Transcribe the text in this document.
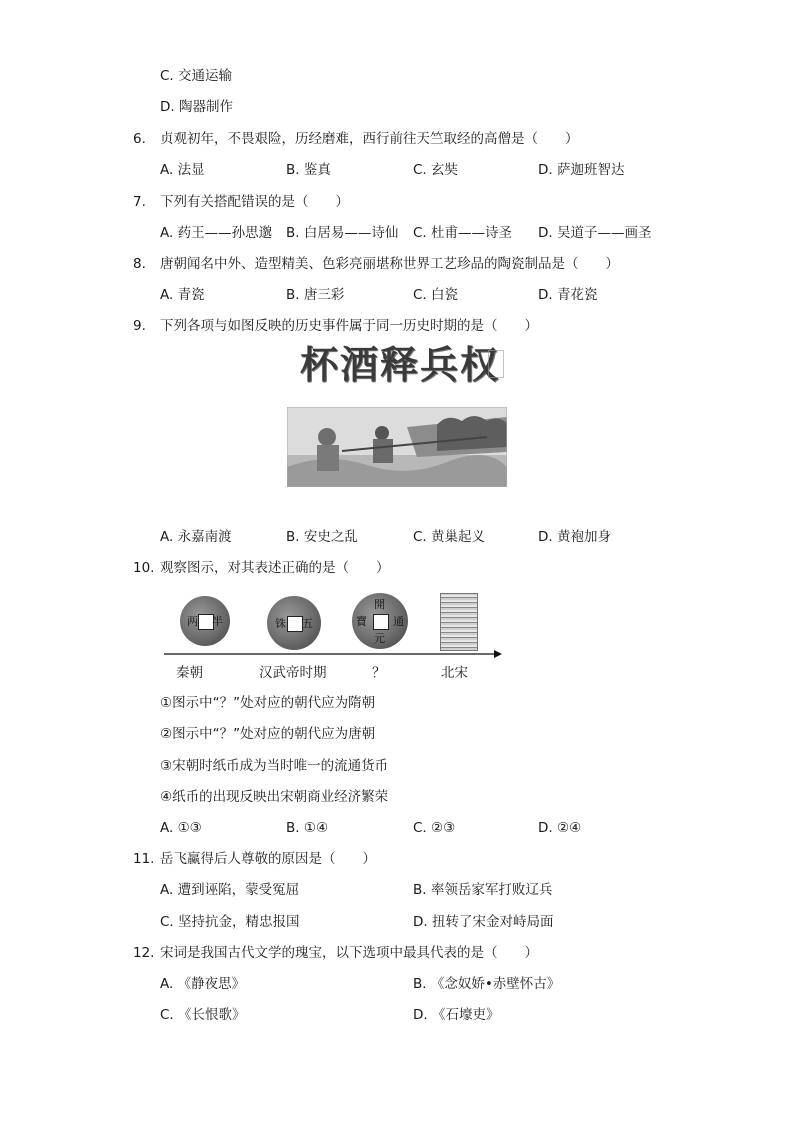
C. 交通运输
D. 陶器制作
6.	贞观初年，不畏艰险，历经磨难，西行前往天竺取经的高僧是（　　）
A. 法显	B. 鉴真	C. 玄奘	D. 萨迦班智达
7.	下列有关搭配错误的是（　　）
A. 药王——孙思邈 B. 白居易——诗仙 C. 杜甫——诗圣 D. 吴道子——画圣
8.	唐朝闻名中外、造型精美、色彩亮丽堪称世界工艺珍品的陶瓷制品是（　　）
A. 青瓷	B. 唐三彩	C. 白瓷	D. 青花瓷
9.	下列各项与如图反映的历史事件属于同一历史时期的是（　　）
杯酒释兵权
A. 永嘉南渡	B. 安史之乱	C. 黄巢起义	D. 黄袍加身
10. 观察图示，对其表述正确的是（　　）
两 半	铢 五
開
元
通
寶
秦朝	汉武帝时期	？	北宋
①图示中“？”处对应的朝代应为隋朝
②图示中“？”处对应的朝代应为唐朝
③宋朝时纸币成为当时唯一的流通货币
④纸币的出现反映出宋朝商业经济繁荣
A. ①③	B. ①④	C. ②③	D. ②④
11. 岳飞赢得后人尊敬的原因是（　　）
A. 遭到诬陷，蒙受冤屈	B. 率领岳家军打败辽兵
C. 坚持抗金，精忠报国	D. 扭转了宋金对峙局面
12. 宋词是我国古代文学的瑰宝，以下选项中最具代表的是（　　）
A. 《静夜思》	B. 《念奴娇•赤壁怀古》
C. 《长恨歌》	D. 《石壕吏》
